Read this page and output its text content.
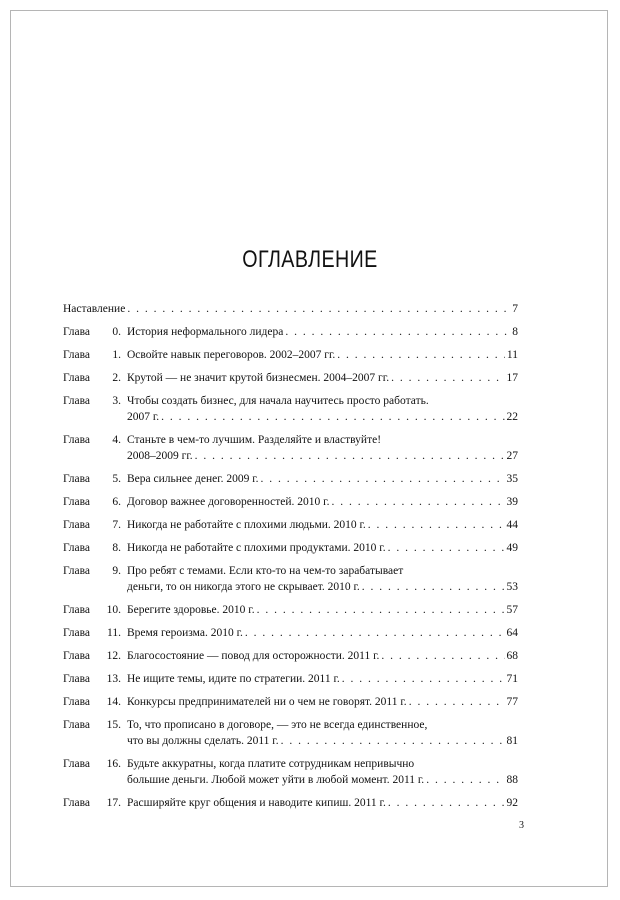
ОГЛАВЛЕНИЕ
Наставление . . .	7
Глава	0. История неформального лидера . . .	8
Глава	1. Освойте навык переговоров. 2002–2007 гг. . . .	11
Глава	2. Крутой — не значит крутой бизнесмен. 2004–2007 гг. . . .	17
Глава	3. Чтобы создать бизнес, для начала научитесь просто работать.
2007 г. . . .	22
Глава	4. Станьте в чем-то лучшим. Разделяйте и властвуйте!
2008–2009 гг. . . .	27
Глава	5. Вера сильнее денег. 2009 г. . . .	35
Глава	6. Договор важнее договоренностей. 2010 г. . . .	39
Глава	7. Никогда не работайте с плохими людьми. 2010 г. . . .	44
Глава	8. Никогда не работайте с плохими продуктами. 2010 г. . . .	49
Глава	9. Про ребят с темами. Если кто-то на чем-то зарабатывает
деньги, то он никогда этого не скрывает. 2010 г. . . .	53
Глава	10. Берегите здоровье. 2010 г. . . .	57
Глава	11. Время героизма. 2010 г. . . .	64
Глава	12. Благосостояние — повод для осторожности. 2011 г. . . .	68
Глава	13. Не ищите темы, идите по стратегии. 2011 г. . . .	71
Глава	14. Конкурсы предпринимателей ни о чем не говорят. 2011 г. . . .	77
Глава	15. То, что прописано в договоре, — это не всегда единственное,
что вы должны сделать. 2011 г. . . .	81
Глава	16. Будьте аккуратны, когда платите сотрудникам непривычно
большие деньги. Любой может уйти в любой момент. 2011 г. . . .	88
Глава	17. Расширяйте круг общения и наводите кипиш. 2011 г. . . .	92
3
